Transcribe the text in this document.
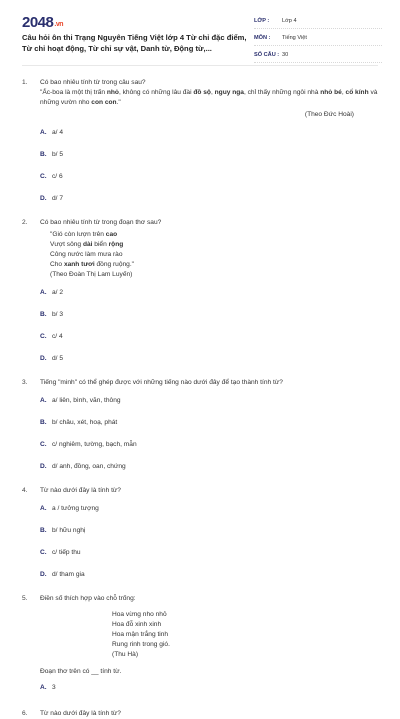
2048.vn
Câu hỏi ôn thi Trạng Nguyên Tiếng Việt lớp 4 Từ chỉ đặc điểm, Từ chỉ hoạt động, Từ chỉ sự vật, Danh từ, Động từ,...
LỚP :	Lớp 4
MÔN :	Tiếng Việt
SỐ CÂU : 30
1.	Có bao nhiêu tính từ trong câu sau?
"Ấc-boa là một thị trấn nhỏ, không có những lâu đài đồ sộ, nguy nga, chỉ thấy những ngôi nhà nhỏ bé, cổ kính và những vườn nho con con."
(Theo Đức Hoài)
A. a/ 4
B. b/ 5
C. c/ 6
D. d/ 7
2.	Có bao nhiêu tính từ trong đoạn thơ sau?
"Gió còn lượn trên cao
Vượt sông dài biển rộng
Công nước làm mưa rào
Cho xanh tươi đồng ruộng."
(Theo Đoàn Thị Lam Luyến)
A. a/ 2
B. b/ 3
C. c/ 4
D. d/ 5
3.	Tiếng "minh" có thể ghép được với những tiếng nào dưới đây để tạo thành tính từ?
A. a/ liên, bình, văn, thông
B. b/ châu, xét, hoạ, phát
C. c/ nghiêm, tường, bạch, mẫn
D. d/ anh, đồng, oan, chứng
4.	Từ nào dưới đây là tính từ?
A. a / tưởng tượng
B. b/ hữu nghị
C. c/ tiếp thu
D. d/ tham gia
5.	Điền số thích hợp vào chỗ trống:
Hoa vừng nho nhỏ
Hoa đỗ xinh xinh
Hoa mận trắng tinh
Rung rinh trong gió.
(Thu Hà)
Đoạn thơ trên có __ tính từ.
A. 3
6.	Từ nào dưới đây là tính từ?
